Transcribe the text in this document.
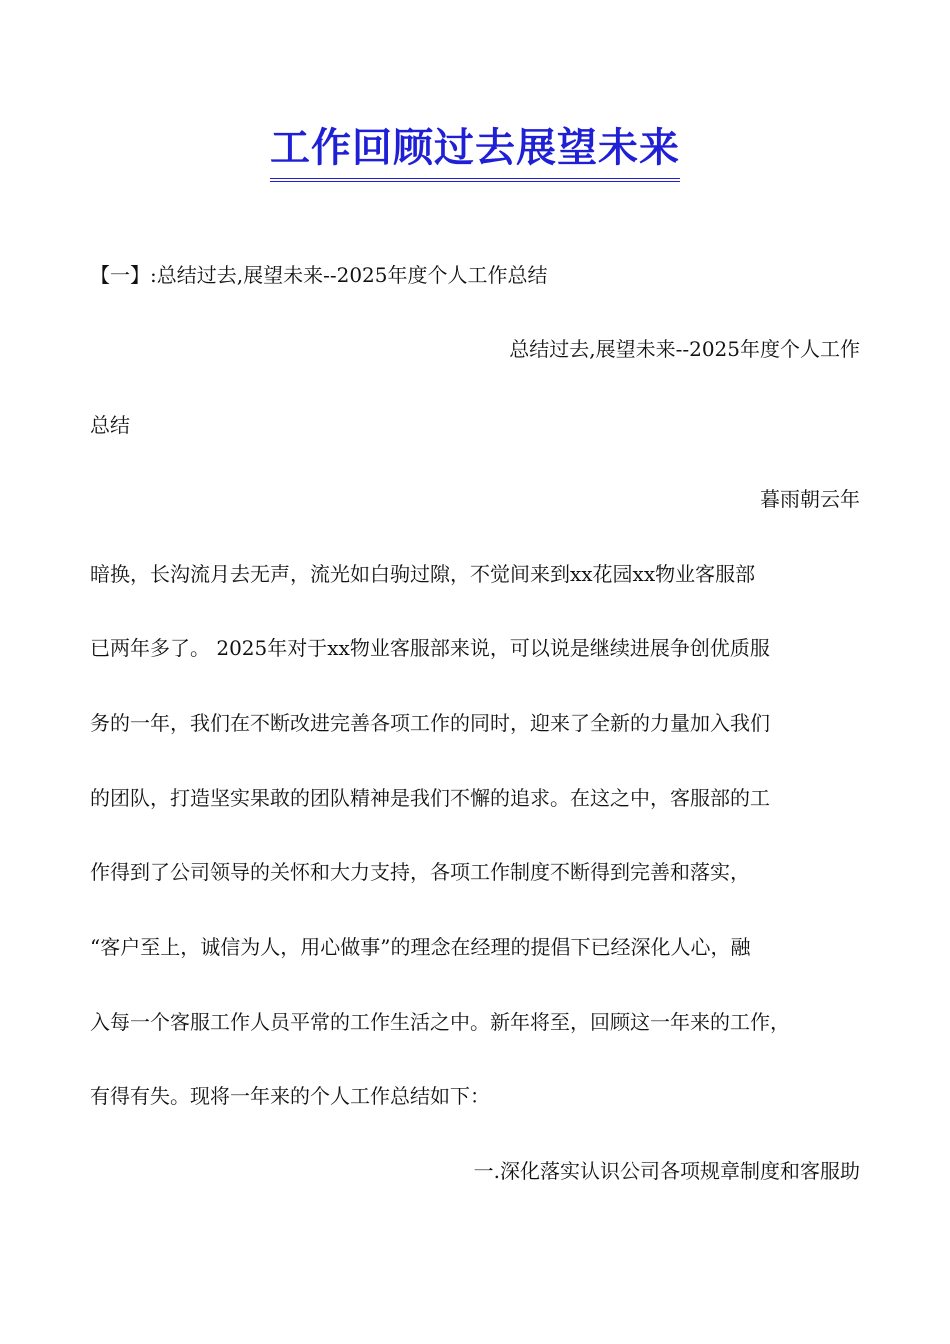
工作回顾过去展望未来
【一】:总结过去,展望未来--2025年度个人工作总结
总结过去,展望未来--2025年度个人工作
总结
暮雨朝云年
暗换，长沟流月去无声，流光如白驹过隙，不觉间来到xx花园xx物业客服部
已两年多了。 2025年对于xx物业客服部来说，可以说是继续进展争创优质服
务的一年，我们在不断改进完善各项工作的同时，迎来了全新的力量加入我们
的团队，打造坚实果敢的团队精神是我们不懈的追求。在这之中，客服部的工
作得到了公司领导的关怀和大力支持，各项工作制度不断得到完善和落实，
“客户至上，诚信为人，用心做事”的理念在经理的提倡下已经深化人心，融
入每一个客服工作人员平常的工作生活之中。新年将至，回顾这一年来的工作，
有得有失。现将一年来的个人工作总结如下：
一.深化落实认识公司各项规章制度和客服助
